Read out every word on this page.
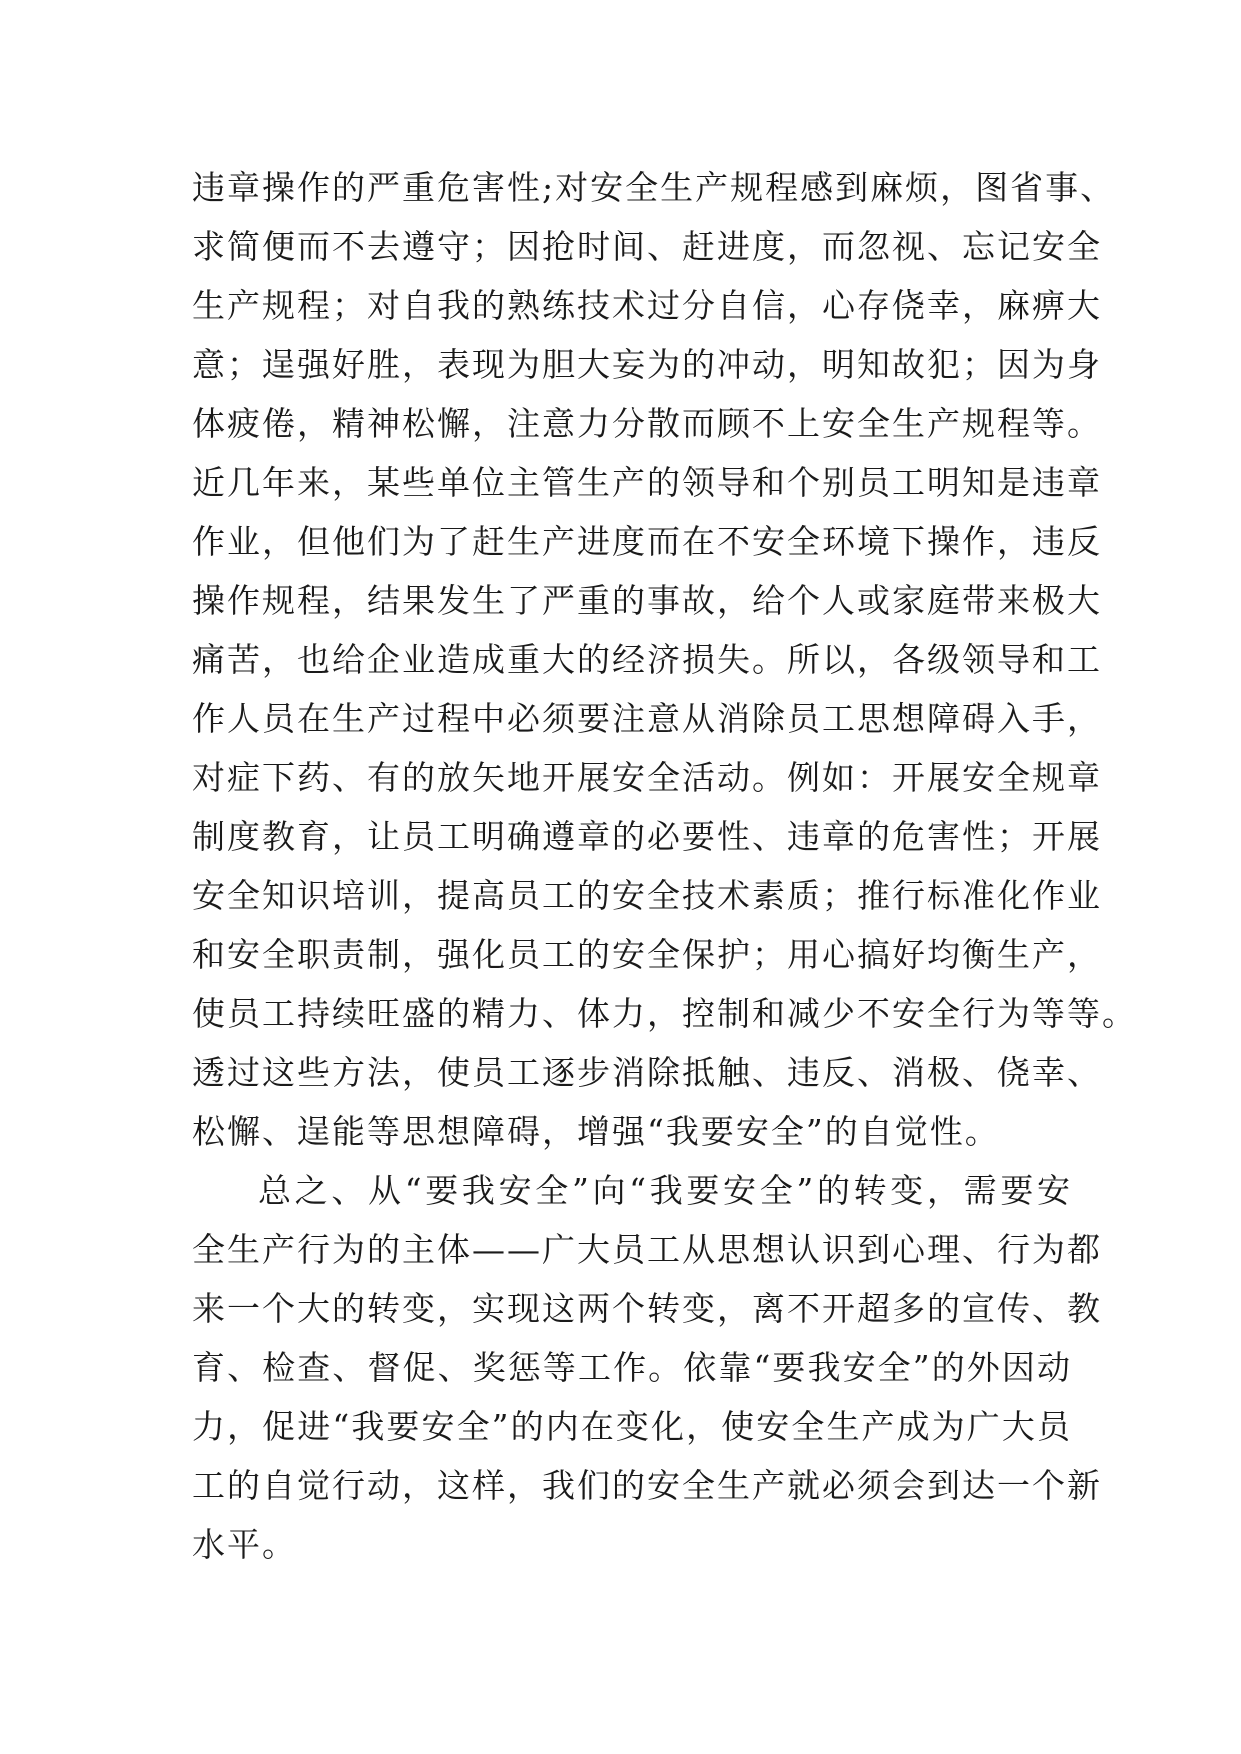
违章操作的严重危害性;对安全生产规程感到麻烦，图省事、
求简便而不去遵守；因抢时间、赶进度，而忽视、忘记安全
生产规程；对自我的熟练技术过分自信，心存侥幸，麻痹大
意；逞强好胜，表现为胆大妄为的冲动，明知故犯；因为身
体疲倦，精神松懈，注意力分散而顾不上安全生产规程等。
近几年来，某些单位主管生产的领导和个别员工明知是违章
作业，但他们为了赶生产进度而在不安全环境下操作，违反
操作规程，结果发生了严重的事故，给个人或家庭带来极大
痛苦，也给企业造成重大的经济损失。所以，各级领导和工
作人员在生产过程中必须要注意从消除员工思想障碍入手，
对症下药、有的放矢地开展安全活动。例如：开展安全规章
制度教育，让员工明确遵章的必要性、违章的危害性；开展
安全知识培训，提高员工的安全技术素质；推行标准化作业
和安全职责制，强化员工的安全保护；用心搞好均衡生产，
使员工持续旺盛的精力、体力，控制和减少不安全行为等等。
透过这些方法，使员工逐步消除抵触、违反、消极、侥幸、
松懈、逞能等思想障碍，增强“我要安全”的自觉性。
总之、从“要我安全”向“我要安全”的转变，需要安
全生产行为的主体——广大员工从思想认识到心理、行为都
来一个大的转变，实现这两个转变，离不开超多的宣传、教
育、检查、督促、奖惩等工作。依靠“要我安全”的外因动
力，促进“我要安全”的内在变化，使安全生产成为广大员
工的自觉行动，这样，我们的安全生产就必须会到达一个新
水平。
